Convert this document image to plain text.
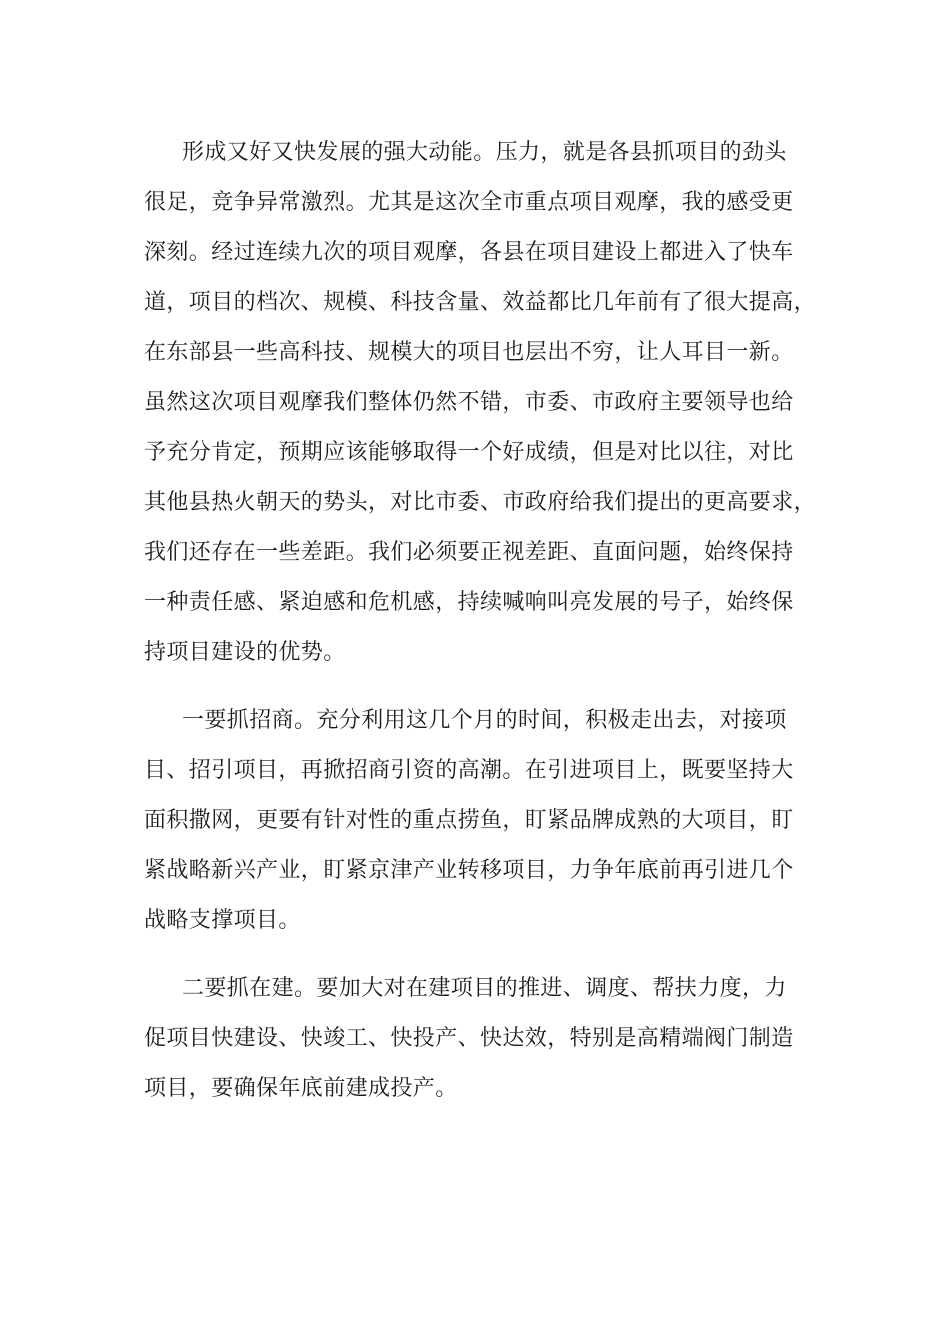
形成又好又快发展的强大动能。压力，就是各县抓项目的劲头
很足，竞争异常激烈。尤其是这次全市重点项目观摩，我的感受更
深刻。经过连续九次的项目观摩，各县在项目建设上都进入了快车
道，项目的档次、规模、科技含量、效益都比几年前有了很大提高，
在东部县一些高科技、规模大的项目也层出不穷，让人耳目一新。
虽然这次项目观摩我们整体仍然不错，市委、市政府主要领导也给
予充分肯定，预期应该能够取得一个好成绩，但是对比以往，对比
其他县热火朝天的势头，对比市委、市政府给我们提出的更高要求，
我们还存在一些差距。我们必须要正视差距、直面问题，始终保持
一种责任感、紧迫感和危机感，持续喊响叫亮发展的号子，始终保
持项目建设的优势。

一要抓招商。充分利用这几个月的时间，积极走出去，对接项
目、招引项目，再掀招商引资的高潮。在引进项目上，既要坚持大
面积撒网，更要有针对性的重点捞鱼，盯紧品牌成熟的大项目，盯
紧战略新兴产业，盯紧京津产业转移项目，力争年底前再引进几个
战略支撑项目。

二要抓在建。要加大对在建项目的推进、调度、帮扶力度，力
促项目快建设、快竣工、快投产、快达效，特别是高精端阀门制造
项目，要确保年底前建成投产。
